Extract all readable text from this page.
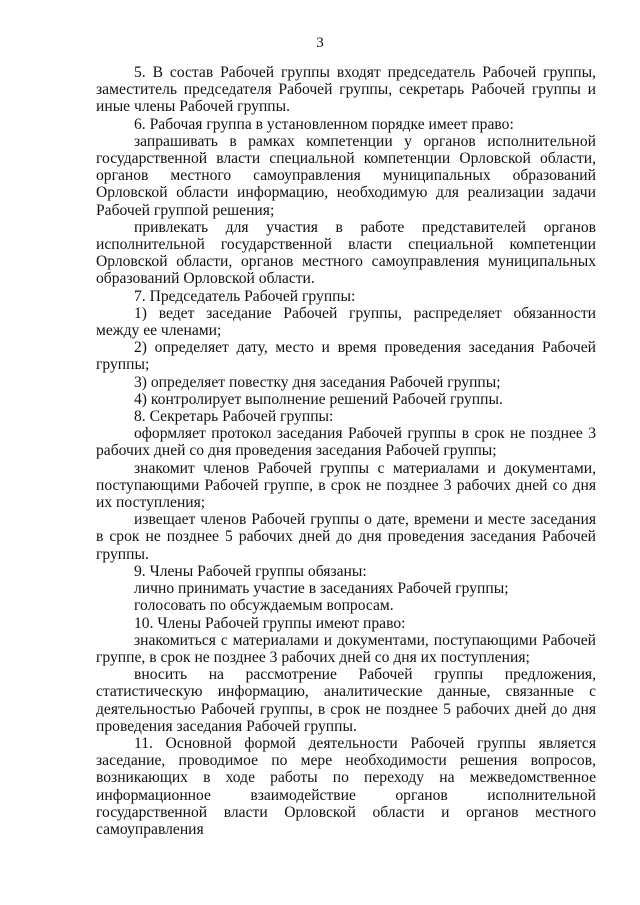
3

5. В состав Рабочей группы входят председатель Рабочей группы, заместитель председателя Рабочей группы, секретарь Рабочей группы и иные члены Рабочей группы.

6. Рабочая группа в установленном порядке имеет право:

запрашивать в рамках компетенции у органов исполнительной государственной власти специальной компетенции Орловской области, органов местного самоуправления муниципальных образований Орловской области информацию, необходимую для реализации задачи Рабочей группой решения;

привлекать для участия в работе представителей органов исполнительной государственной власти специальной компетенции Орловской области, органов местного самоуправления муниципальных образований Орловской области.

7. Председатель Рабочей группы:

1) ведет заседание Рабочей группы, распределяет обязанности между ее членами;

2) определяет дату, место и время проведения заседания Рабочей группы;

3) определяет повестку дня заседания Рабочей группы;

4) контролирует выполнение решений Рабочей группы.

8. Секретарь Рабочей группы:

оформляет протокол заседания Рабочей группы в срок не позднее 3 рабочих дней со дня проведения заседания Рабочей группы;

знакомит членов Рабочей группы с материалами и документами, поступающими Рабочей группе, в срок не позднее 3 рабочих дней со дня их поступления;

извещает членов Рабочей группы о дате, времени и месте заседания в срок не позднее 5 рабочих дней до дня проведения заседания Рабочей группы.

9. Члены Рабочей группы обязаны:

лично принимать участие в заседаниях Рабочей группы;

голосовать по обсуждаемым вопросам.

10. Члены Рабочей группы имеют право:

знакомиться с материалами и документами, поступающими Рабочей группе, в срок не позднее 3 рабочих дней со дня их поступления;

вносить на рассмотрение Рабочей группы предложения, статистическую информацию, аналитические данные, связанные с деятельностью Рабочей группы, в срок не позднее 5 рабочих дней до дня проведения заседания Рабочей группы.

11. Основной формой деятельности Рабочей группы является заседание, проводимое по мере необходимости решения вопросов, возникающих в ходе работы по переходу на межведомственное информационное взаимодействие органов исполнительной государственной власти Орловской области и органов местного самоуправления
